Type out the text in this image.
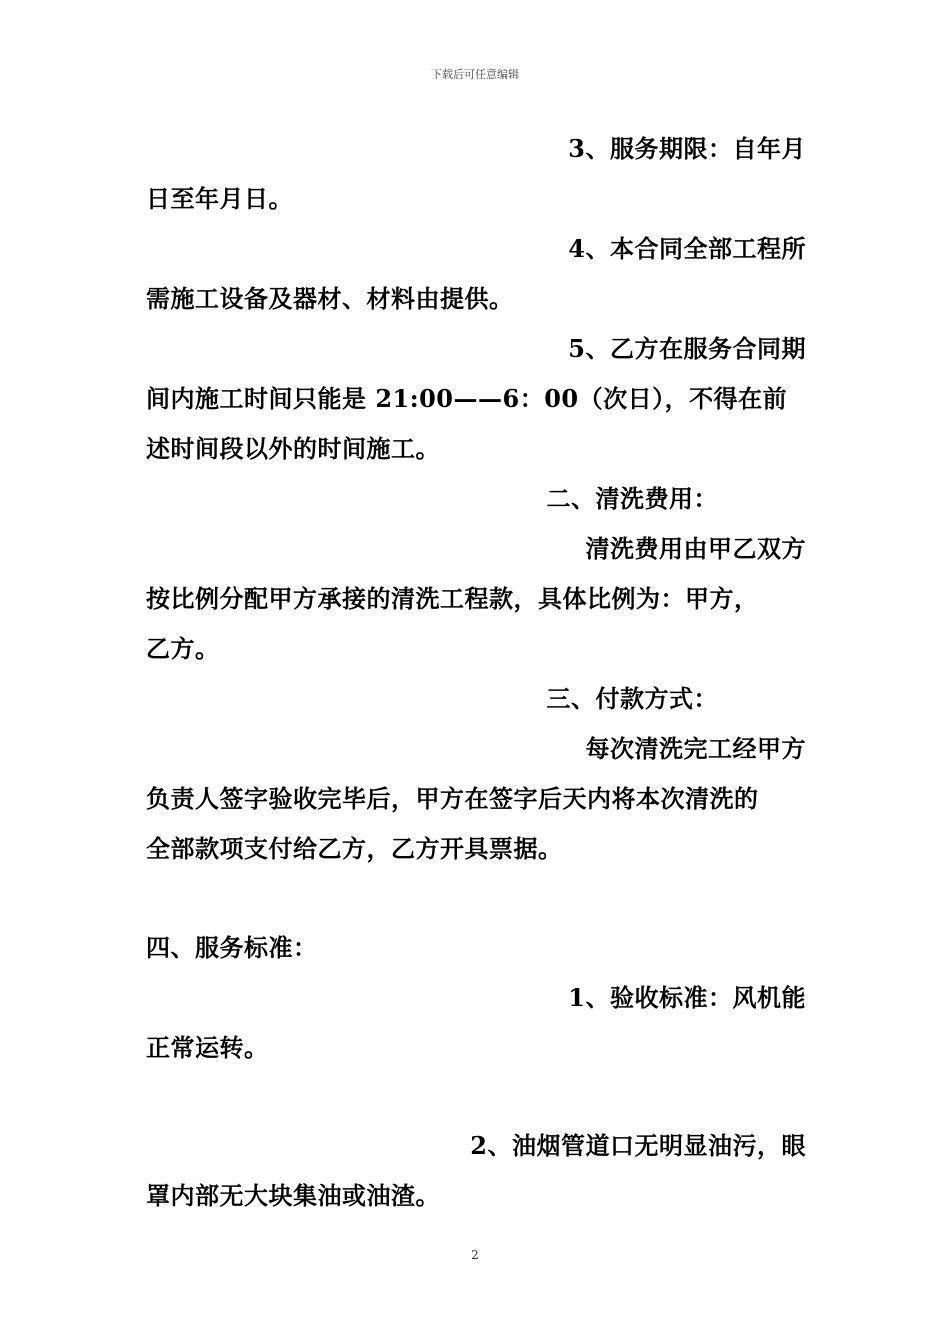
下载后可任意编辑
3、服务期限：自年月
日至年月日。
4、本合同全部工程所
需施工设备及器材、材料由提供。
5、乙方在服务合同期
间内施工时间只能是 21:00——6：00（次日），不得在前
述时间段以外的时间施工。
二、清洗费用：
清洗费用由甲乙双方
按比例分配甲方承接的清洗工程款，具体比例为：甲方，
乙方。
三、付款方式：
每次清洗完工经甲方
负责人签字验收完毕后，甲方在签字后天内将本次清洗的
全部款项支付给乙方，乙方开具票据。
四、服务标准：
1、验收标准：风机能
正常运转。
2、油烟管道口无明显油污，眼
罩内部无大块集油或油渣。
2
